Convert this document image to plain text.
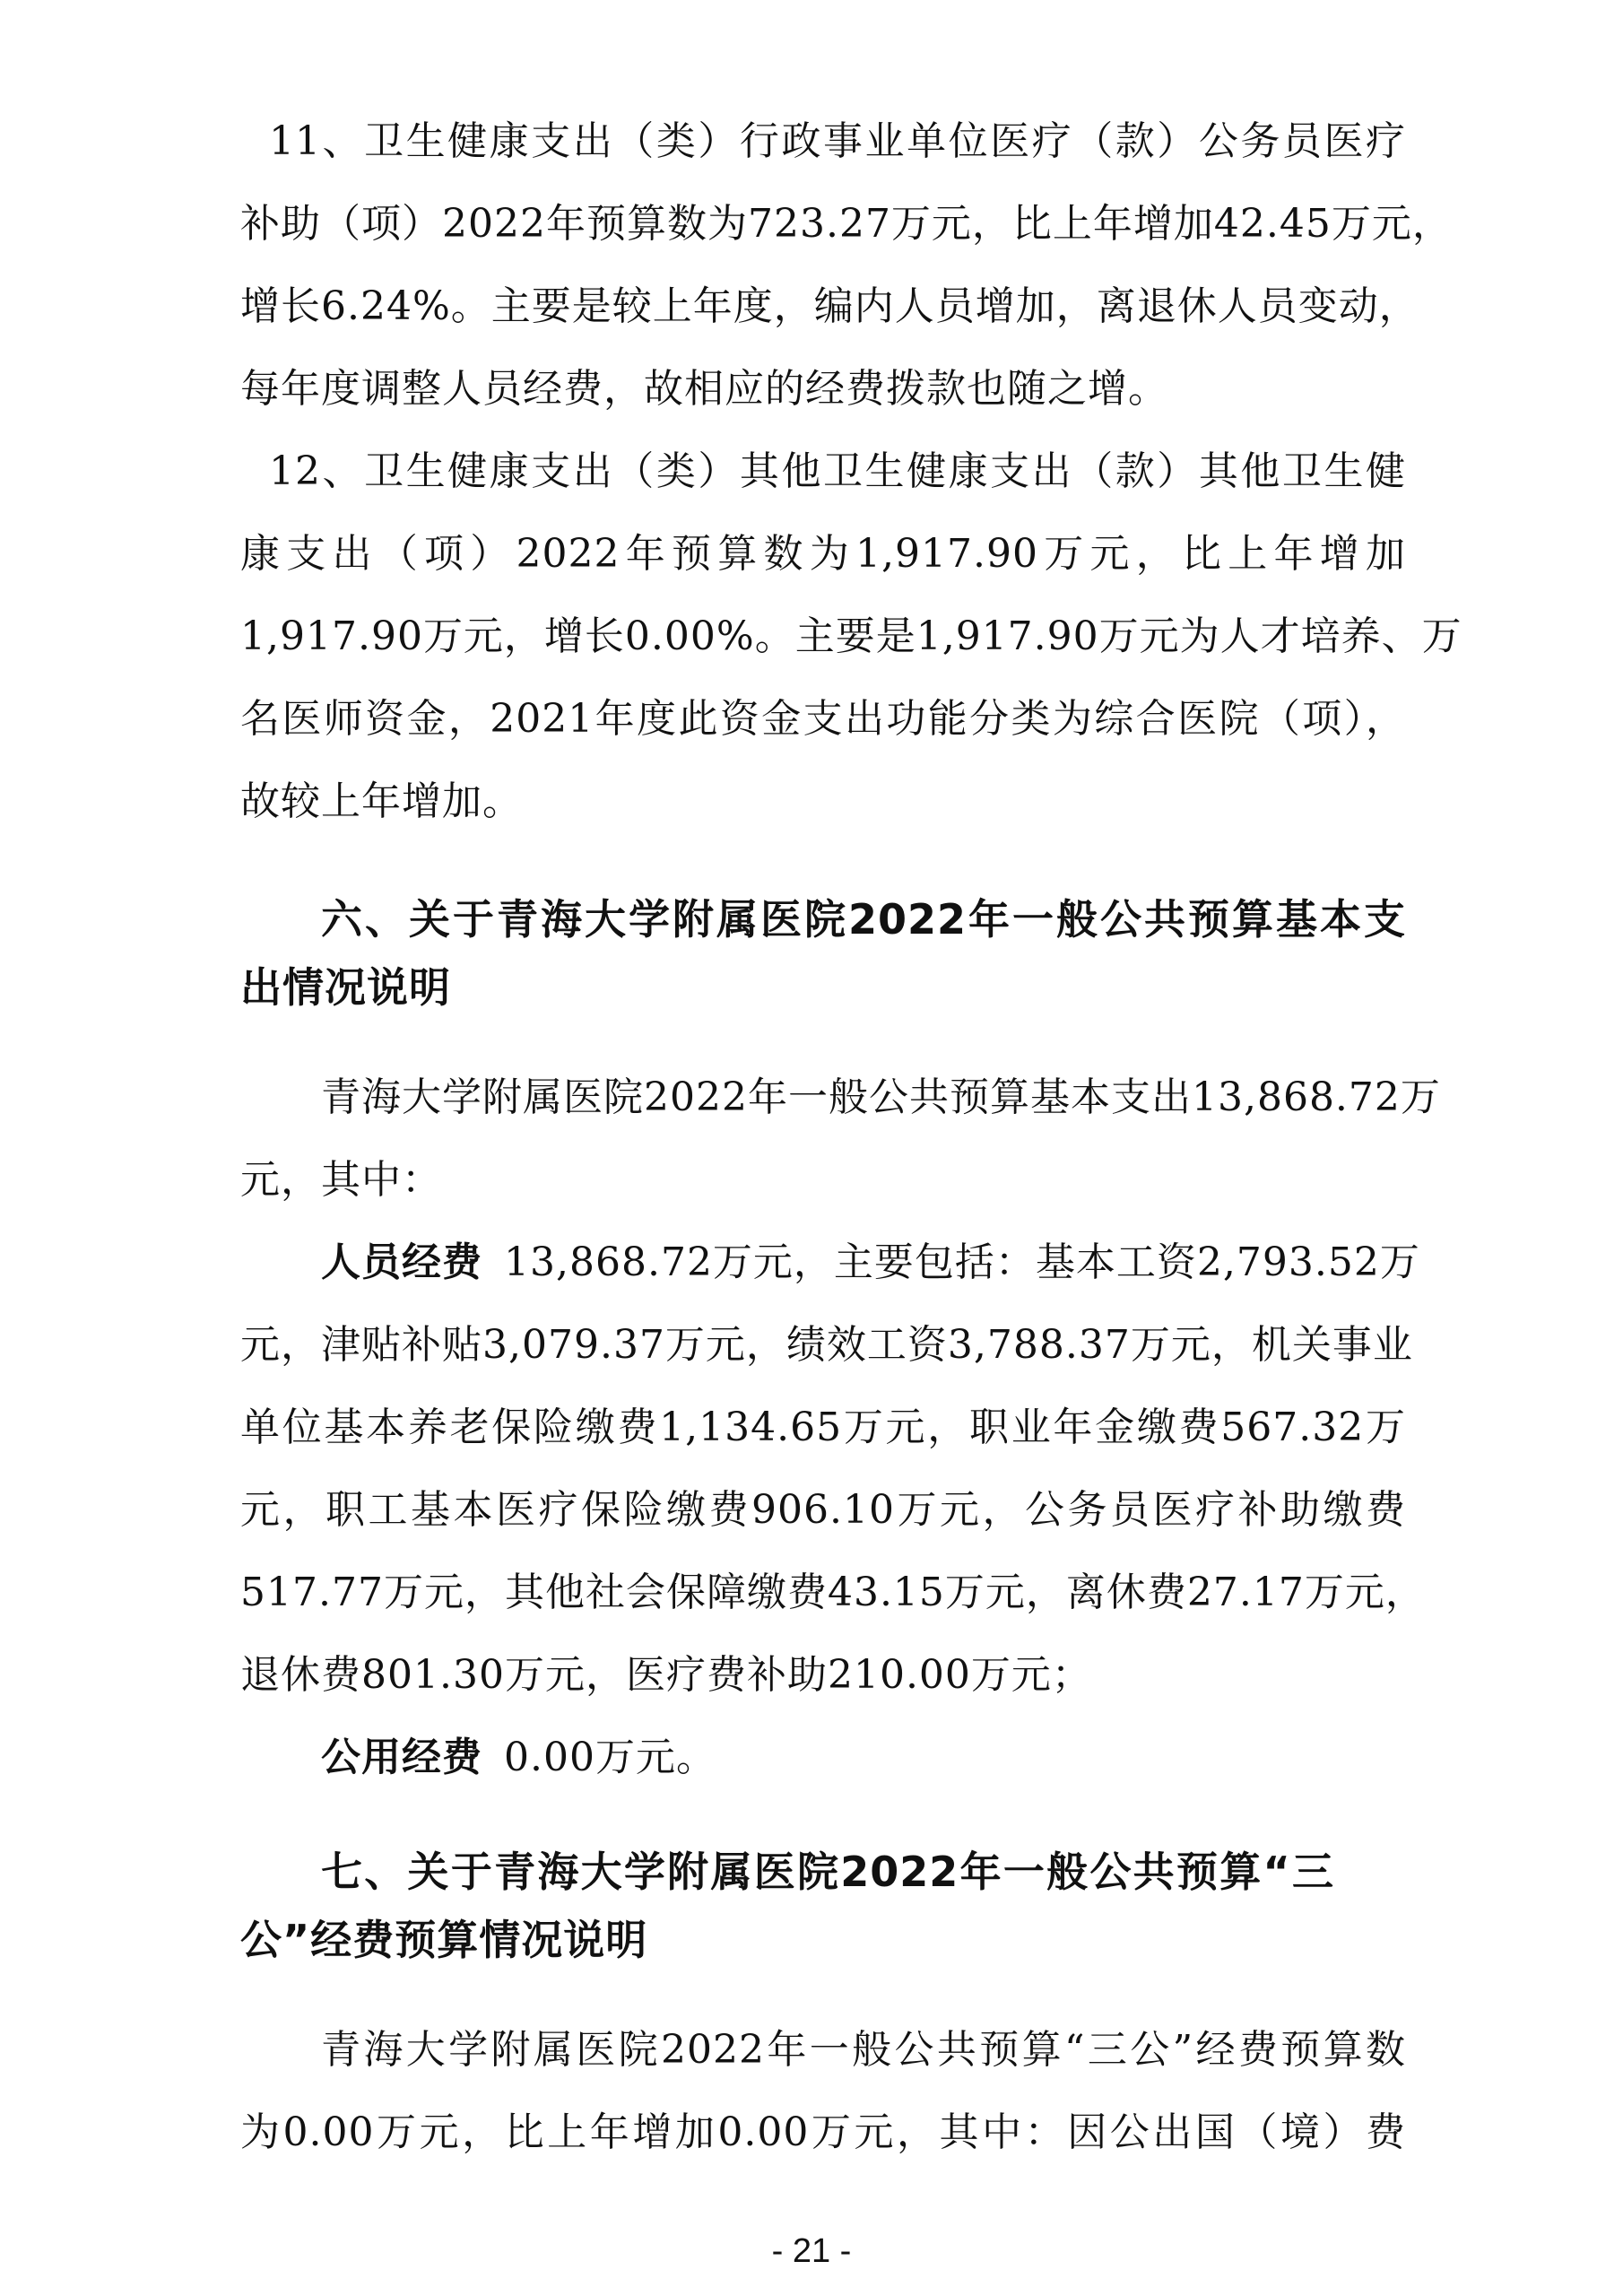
11、卫生健康支出（类）行政事业单位医疗（款）公务员医疗
补助（项）2022年预算数为723.27万元，比上年增加42.45万元，
增长6.24%。主要是较上年度，编内人员增加，离退休人员变动，
每年度调整人员经费，故相应的经费拨款也随之增。
12、卫生健康支出（类）其他卫生健康支出（款）其他卫生健
康支出（项）2022年预算数为1,917.90万元，比上年增加
1,917.90万元，增长0.00%。主要是1,917.90万元为人才培养、万
名医师资金，2021年度此资金支出功能分类为综合医院（项），
故较上年增加。
六、关于青海大学附属医院2022年一般公共预算基本支
出情况说明
青海大学附属医院2022年一般公共预算基本支出13,868.72万
元，其中：
人员经费 13,868.72万元，主要包括：基本工资2,793.52万
元，津贴补贴3,079.37万元，绩效工资3,788.37万元，机关事业
单位基本养老保险缴费1,134.65万元，职业年金缴费567.32万
元，职工基本医疗保险缴费906.10万元，公务员医疗补助缴费
517.77万元，其他社会保障缴费43.15万元，离休费27.17万元，
退休费801.30万元，医疗费补助210.00万元；
公用经费 0.00万元。
七、关于青海大学附属医院2022年一般公共预算“三
公”经费预算情况说明
青海大学附属医院2022年一般公共预算“三公”经费预算数
为0.00万元，比上年增加0.00万元，其中：因公出国（境）费
- 21 -
